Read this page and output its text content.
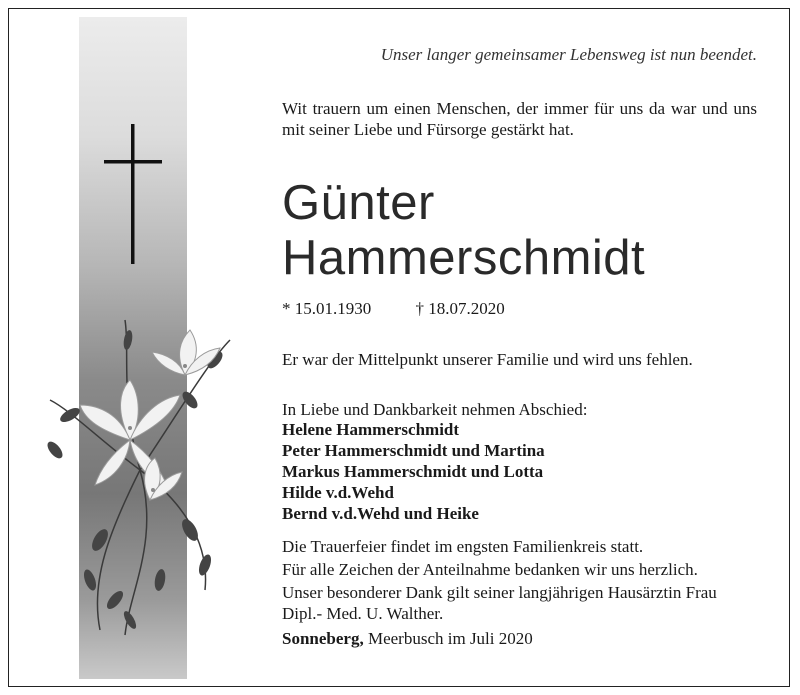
Unser langer gemeinsamer Lebensweg ist nun beendet.
Wit trauern um einen Menschen, der immer für uns da war und uns mit seiner Liebe und Fürsorge gestärkt hat.
Günter
Hammerschmidt
* 15.01.1930	† 18.07.2020
Er war der Mittelpunkt unserer Familie und wird uns fehlen.
In Liebe und Dankbarkeit nehmen Abschied:
Helene Hammerschmidt
Peter Hammerschmidt und Martina
Markus Hammerschmidt und Lotta
Hilde v.d.Wehd
Bernd v.d.Wehd und Heike

Die Trauerfeier findet im engsten Familienkreis statt.

Für alle Zeichen der Anteilnahme bedanken wir uns herzlich.

Unser besonderer Dank gilt seiner langjährigen Hausärztin Frau Dipl.- Med. U. Walther.

Sonneberg, Meerbusch im Juli 2020
